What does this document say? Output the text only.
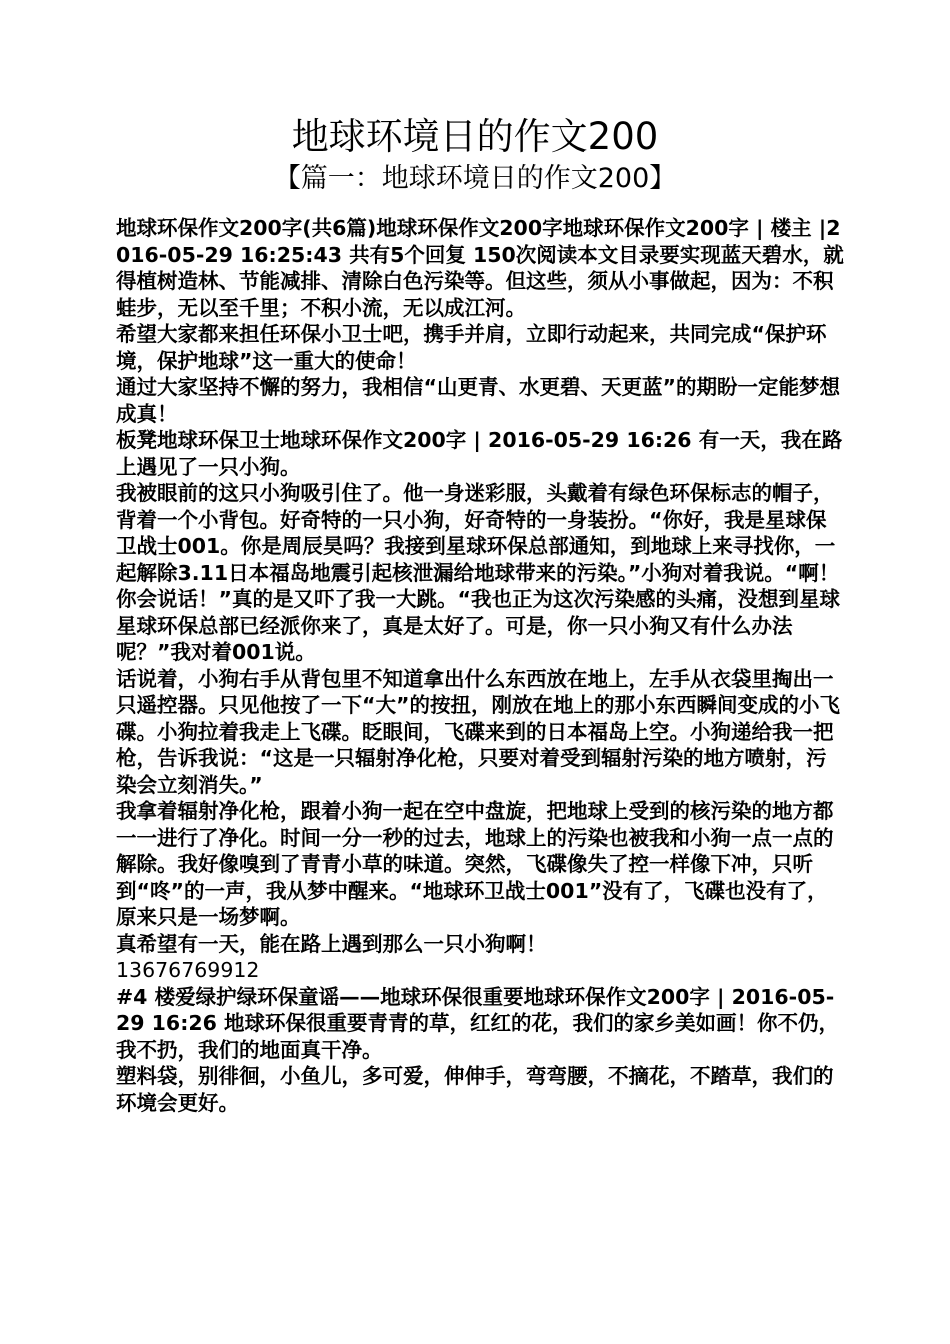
地球环境日的作文200
【篇一：地球环境日的作文200】

地球环保作文200字(共6篇)地球环保作文200字地球环保作文200字 | 楼主 |2016-05-29 16:25:43 共有5个回复 150次阅读本文目录要实现蓝天碧水，就得植树造林、节能减排、清除白色污染等。但这些，须从小事做起，因为：不积蛙步，无以至千里；不积小流，无以成江河。

希望大家都来担任环保小卫士吧，携手并肩，立即行动起来，共同完成“保护环境，保护地球”这一重大的使命！

通过大家坚持不懈的努力，我相信“山更青、水更碧、天更蓝”的期盼一定能梦想成真！

板凳地球环保卫士地球环保作文200字 | 2016-05-29 16:26 有一天，我在路上遇见了一只小狗。

我被眼前的这只小狗吸引住了。他一身迷彩服，头戴着有绿色环保标志的帽子，背着一个小背包。好奇特的一只小狗，好奇特的一身装扮。“你好，我是星球保卫战士001。你是周辰昊吗？我接到星球环保总部通知，到地球上来寻找你，一起解除3.11日本福岛地震引起核泄漏给地球带来的污染。”小狗对着我说。“啊！你会说话！”真的是又吓了我一大跳。“我也正为这次污染感的头痛，没想到星球星球环保总部已经派你来了，真是太好了。可是，你一只小狗又有什么办法呢？”我对着001说。

话说着，小狗右手从背包里不知道拿出什么东西放在地上，左手从衣袋里掏出一只遥控器。只见他按了一下“大”的按扭，刚放在地上的那小东西瞬间变成的小飞碟。小狗拉着我走上飞碟。眨眼间，飞碟来到的日本福岛上空。小狗递给我一把枪，告诉我说：“这是一只辐射净化枪，只要对着受到辐射污染的地方喷射，污染会立刻消失。”

我拿着辐射净化枪，跟着小狗一起在空中盘旋，把地球上受到的核污染的地方都一一进行了净化。时间一分一秒的过去，地球上的污染也被我和小狗一点一点的解除。我好像嗅到了青青小草的味道。突然，飞碟像失了控一样像下冲，只听到“咚”的一声，我从梦中醒来。“地球环卫战士001”没有了，飞碟也没有了，原来只是一场梦啊。

真希望有一天，能在路上遇到那么一只小狗啊！

13676769912

#4 楼爱绿护绿环保童谣——地球环保很重要地球环保作文200字 | 2016-05-29 16:26 地球环保很重要青青的草，红红的花，我们的家乡美如画！你不仍，我不扔，我们的地面真干净。

塑料袋，别徘徊，小鱼儿，多可爱，伸伸手，弯弯腰，不摘花，不踏草，我们的环境会更好。
